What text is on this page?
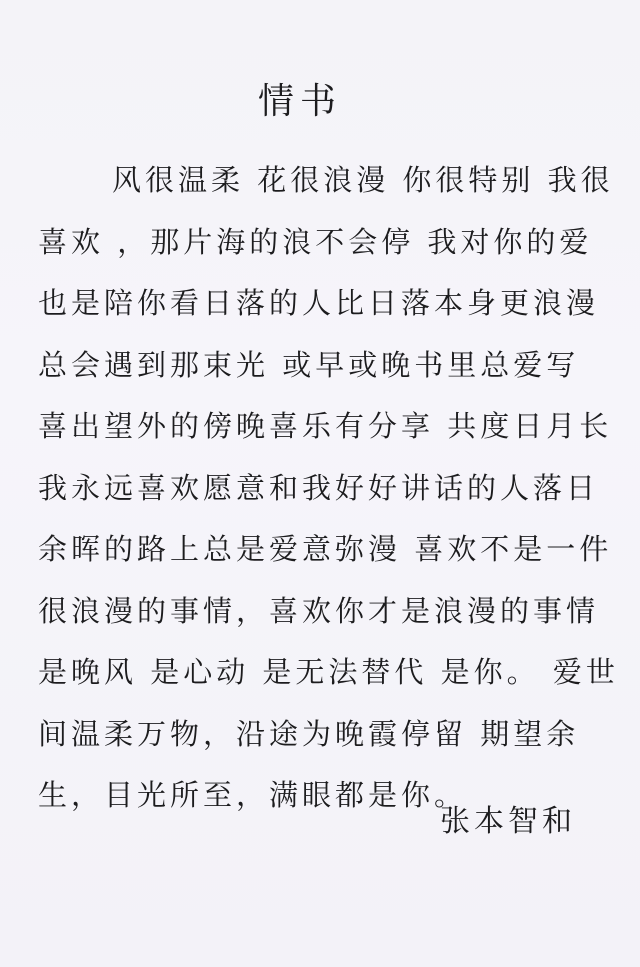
情书
风很温柔 花很浪漫 你很特别 我很
喜欢 ，那片海的浪不会停 我对你的爱
也是陪你看日落的人比日落本身更浪漫
总会遇到那束光 或早或晚书里总爱写
喜出望外的傍晚喜乐有分享 共度日月长
我永远喜欢愿意和我好好讲话的人落日
余晖的路上总是爱意弥漫 喜欢不是一件
很浪漫的事情，喜欢你才是浪漫的事情
是晚风 是心动 是无法替代 是你。 爱世
间温柔万物，沿途为晚霞停留 期望余
生，目光所至，满眼都是你。
张本智和
